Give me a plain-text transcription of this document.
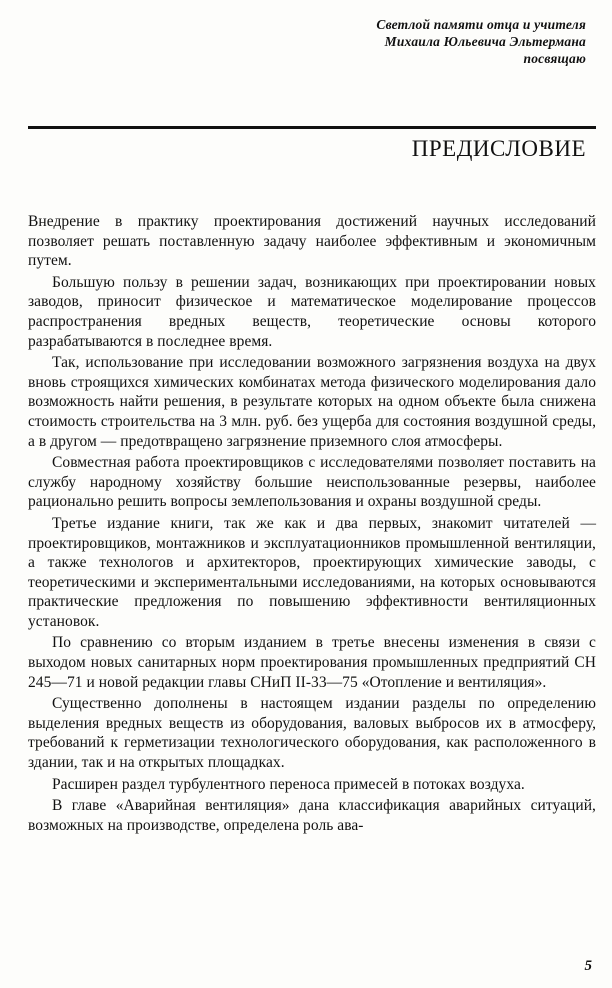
Светлой памяти отца и учителя
Михаила Юльевича Эльтермана
посвящаю
ПРЕДИСЛОВИЕ

Внедрение в практику проектирования достижений научных исследований позволяет решать поставленную задачу наиболее эффективным и экономичным путем.

Большую пользу в решении задач, возникающих при проектировании новых заводов, приносит физическое и математическое моделирование процессов распространения вредных веществ, теоретические основы которого разрабатываются в последнее время.

Так, использование при исследовании возможного загрязнения воздуха на двух вновь строящихся химических комбинатах метода физического моделирования дало возможность найти решения, в результате которых на одном объекте была снижена стоимость строительства на 3 млн. руб. без ущерба для состояния воздушной среды, а в другом — предотвращено загрязнение приземного слоя атмосферы.

Совместная работа проектировщиков с исследователями позволяет поставить на службу народному хозяйству большие неиспользованные резервы, наиболее рационально решить вопросы землепользования и охраны воздушной среды.

Третье издание книги, так же как и два первых, знакомит читателей — проектировщиков, монтажников и эксплуатационников промышленной вентиляции, а также технологов и архитекторов, проектирующих химические заводы, с теоретическими и экспериментальными исследованиями, на которых основываются практические предложения по повышению эффективности вентиляционных установок.

По сравнению со вторым изданием в третье внесены изменения в связи с выходом новых санитарных норм проектирования промышленных предприятий СН 245—71 и новой редакции главы СНиП II-33—75 «Отопление и вентиляция».

Существенно дополнены в настоящем издании разделы по определению выделения вредных веществ из оборудования, валовых выбросов их в атмосферу, требований к герметизации технологического оборудования, как расположенного в здании, так и на открытых площадках.

Расширен раздел турбулентного переноса примесей в потоках воздуха.

В главе «Аварийная вентиляция» дана классификация аварийных ситуаций, возможных на производстве, определена роль ава-

5
